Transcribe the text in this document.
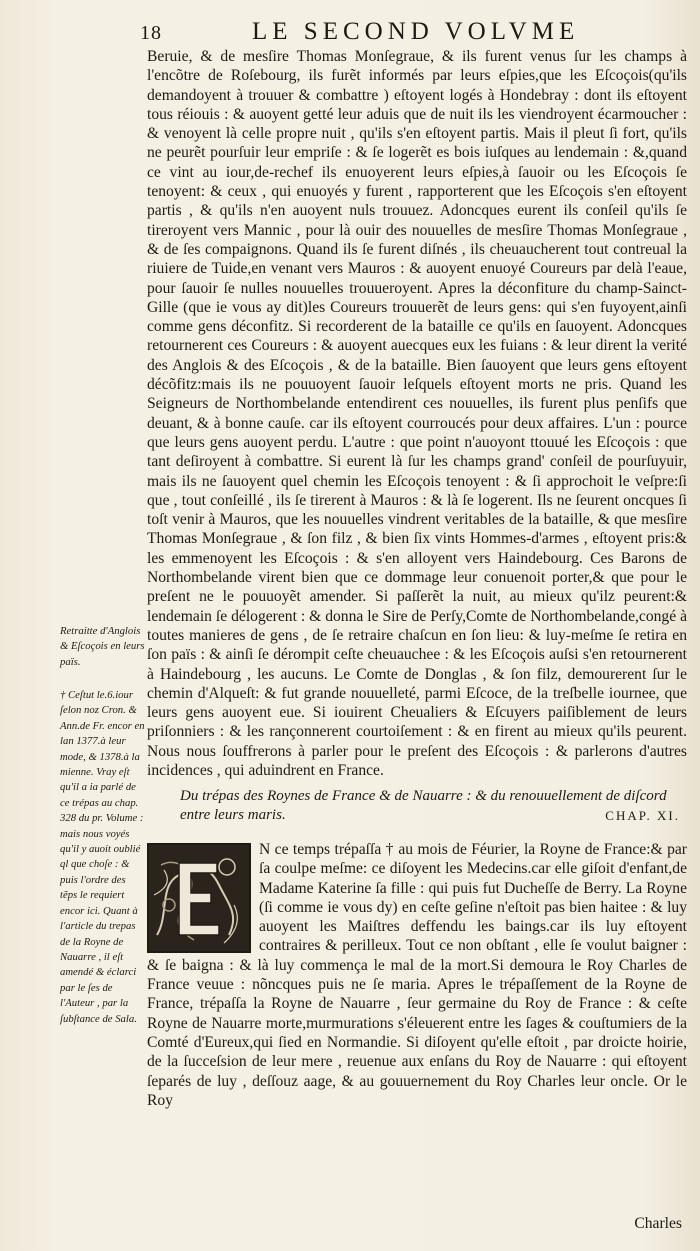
18	LE SECOND VOLVME

Beruie, & de mesſire Thomas Monſegraue, & ils furent venus ſur les champs à l'encõtre de Roſebourg, ils furẽt informés par leurs eſpies,que les Eſcoçois(qu'ils demandoyent à trouuer & combattre ) eſtoyent logés à Hondebray : dont ils eſtoyent tous réiouis : & auoyent getté leur aduis que de nuit ils les viendroyent écarmoucher : & venoyent là celle propre nuit , qu'ils s'en eſtoyent partis. Mais il pleut ſi fort, qu'ils ne peurẽt pourſuir leur empriſe : & ſe logerẽt es bois iuſques au lendemain : &,quand ce vint au iour,de-rechef ils enuoyerent leurs eſpies,à ſauoir ou les Eſcoçois ſe tenoyent: & ceux , qui enuoyés y furent , rapporterent que les Eſcoçois s'en eſtoyent partis , & qu'ils n'en auoyent nuls trouuez. Adoncques eurent ils conſeil qu'ils ſe tireroyent vers Mannic , pour là ouir des nouuelles de mesſire Thomas Monſegraue , & de ſes compaignons. Quand ils ſe furent diſnés , ils cheuaucherent tout contreual la riuiere de Tuide,en venant vers Mauros : & auoyent enuoyé Coureurs par delà l'eaue, pour ſauoir ſe nulles nouuelles trouueroyent. Apres la déconfiture du champ-Sainct-Gille (que ie vous ay dit)les Coureurs trouuerẽt de leurs gens: qui s'en fuyoyent,ainſi comme gens déconfitz. Si recorderent de la bataille ce qu'ils en ſauoyent. Adoncques retournerent ces Coureurs : & auoyent auecques eux les fuians : & leur dirent la verité des Anglois & des Eſcoçois , & de la bataille. Bien ſauoyent que leurs gens eſtoyent décõfitz:mais ils ne pouuoyent ſauoir leſquels eſtoyent morts ne pris. Quand les Seigneurs de Northombelande entendirent ces nouuelles, ils furent plus penſifs que deuant, & à bonne cauſe. car ils eſtoyent courroucés pour deux affaires. L'un : pource que leurs gens auoyent perdu. L'autre : que point n'auoyont ttouué les Eſcoçois : que tant deſiroyent à combattre. Si eurent là ſur les champs grand' conſeil de pourſuyuir, mais ils ne ſauoyent quel chemin les Eſcoçois tenoyent : & ſi approchoit le veſpre:ſi que , tout conſeillé , ils ſe tirerent à Mauros : & là ſe logerent. Ils ne ſeurent oncques ſi toſt venir à Mauros, que les nouuelles vindrent veritables de la bataille, & que mesſire Thomas Monſegraue , & ſon filz , & bien ſix vints Hommes-d'armes , eſtoyent pris:& les emmenoyent les Eſcoçois : & s'en alloyent vers Haindebourg. Ces Barons de Northombelande virent bien que ce dommage leur conuenoit porter,& que pour le preſent ne le pouuoyẽt amender. Si paſſerẽt la nuit, au mieux qu'ilz peurent:& lendemain ſe délogerent : & donna le Sire de Perſy,Comte de Northombelande,congé à toutes manieres de gens , de ſe retraire chaſcun en ſon lieu: & luy-meſme ſe retira en ſon païs : & ainſi ſe dérompit ceſte cheuauchee : & les Eſcoçois auſsi s'en retournerent à Haindebourg , les aucuns. Le Comte de Donglas , & ſon filz, demourerent ſur le chemin d'Alqueſt: & fut grande nouuelleté, parmi Eſcoce, de la treſbelle iournee, que leurs gens auoyent eue. Si iouirent Cheualiers & Eſcuyers paiſiblement de leurs priſonniers : & les rançonnerent courtoiſement : & en firent au mieux qu'ils peurent. Nous nous ſouffrerons à parler pour le preſent des Eſcoçois : & parlerons d'autres incidences , qui aduindrent en France.

Retraitte d'Anglois & Eſcoçois en leurs païs.
† Ceſtut le.6.iour ſelon noz Cron. & Ann.de Fr. encor en lan 1377.à leur mode, & 1378.à la mienne. Vray eſt qu'il a ia parlé de ce trépas au chap. 328 du pr. Volume : mais nous voyés qu'il y auoit oublié ql que choſe : & puis l'ordre des tẽps le requiert encor ici. Quant à l'article du trepas de la Royne de Nauarre , il eſt amendé & éclarci par le ſes de l'Auteur , par la ſubſtance de Sala.
Du trépas des Roynes de France & de Nauarre : & du renouuellement de diſcord entre leurs maris.	CHAP. XI.

N ce temps trépaſſa † au mois de Féurier, la Royne de France:& par ſa coulpe meſme: ce diſoyent les Medecins.car elle giſoit d'enfant,de Madame Katerine ſa fille : qui puis fut Ducheſſe de Berry. La Royne (ſi comme ie vous dy) en ceſte geſine n'eſtoit pas bien haitee : & luy auoyent les Maiſtres deffendu les baings.car ils luy eſtoyent contraires & perilleux. Tout ce non obſtant , elle ſe voulut baigner : & ſe baigna : & là luy commença le mal de la mort.Si demoura le Roy Charles de France veuue : nõncques puis ne ſe maria. Apres le trépaſſement de la Royne de France, trépaſſa la Royne de Nauarre , ſeur germaine du Roy de France : & ceſte Royne de Nauarre morte,murmurations s'éleuerent entre les ſages & couſtumiers de la Comté d'Eureux,qui ſied en Normandie. Si diſoyent qu'elle eſtoit , par droicte hoirie, de la ſucceſsion de leur mere , reuenue aux enſans du Roy de Nauarre : qui eſtoyent ſeparés de luy , deſſouz aage, & au gouuernement du Roy Charles leur oncle. Or le Roy

Charles
